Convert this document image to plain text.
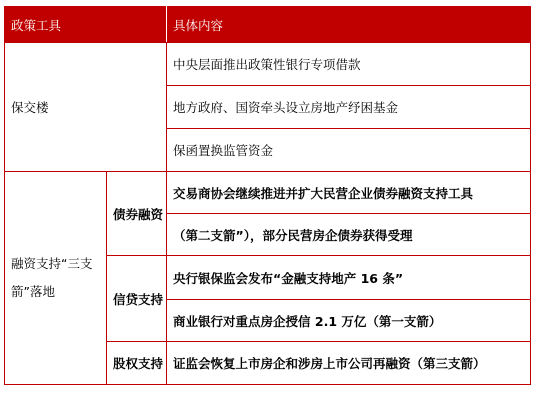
政策工具		具体内容
保交楼		中央层面推出政策性银行专项借款
		地方政府、国资牵头设立房地产纾困基金
		保函置换监管资金
融资支持“三支箭”落地	债券融资	交易商协会继续推进并扩大民营企业债券融资支持工具
		（第二支箭”），部分民营房企债券获得受理
	信贷支持	央行银保监会发布“金融支持地产 16 条”
		商业银行对重点房企授信 2.1 万亿（第一支箭）
	股权支持	证监会恢复上市房企和涉房上市公司再融资（第三支箭）
